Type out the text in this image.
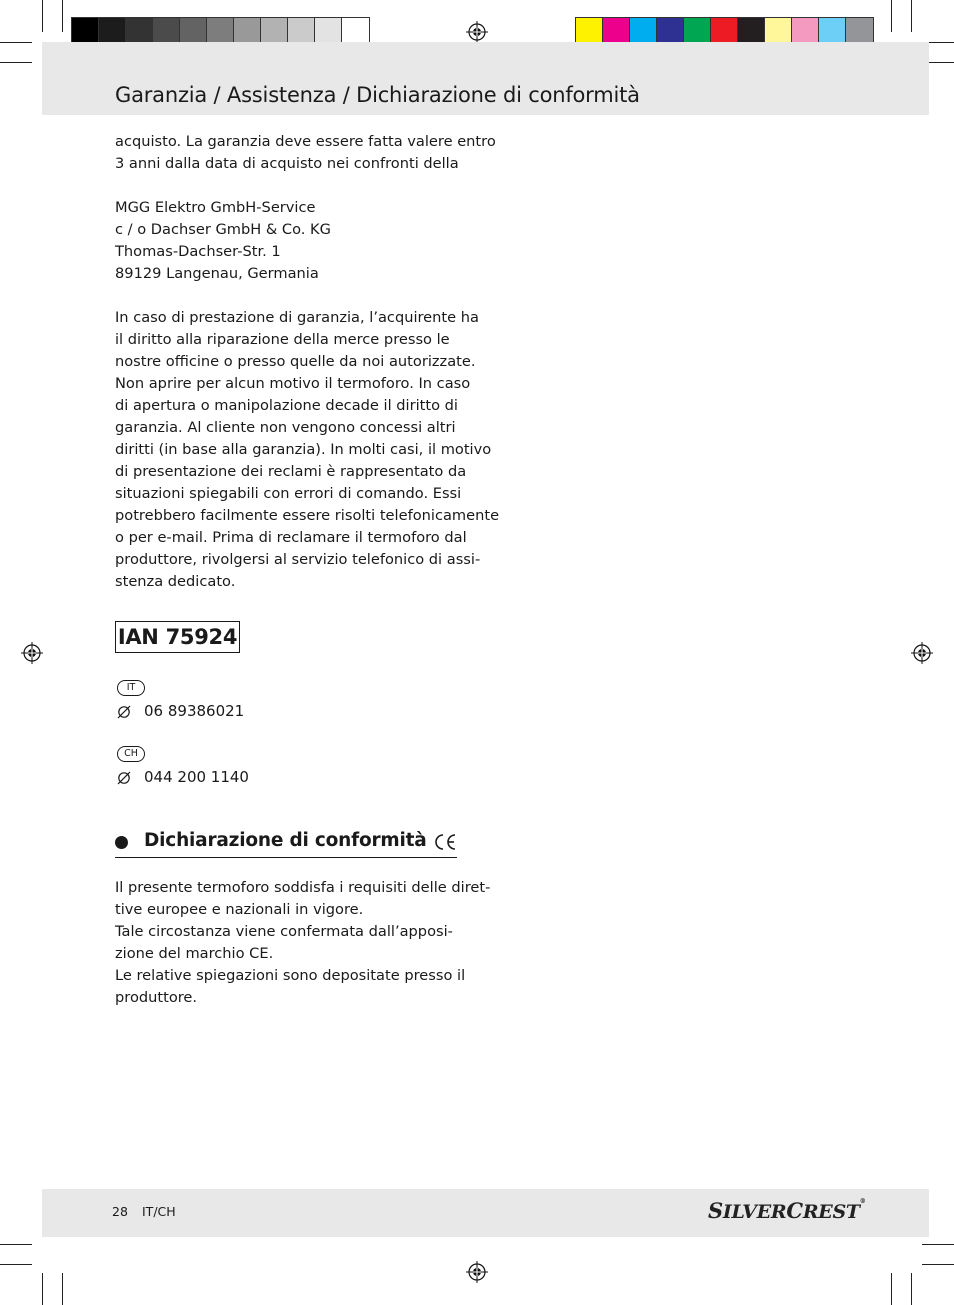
Garanzia / Assistenza / Dichiarazione di conformità

acquisto. La garanzia deve essere fatta valere entro

3 anni dalla data di acquisto nei confronti della

MGG Elektro GmbH-Service

c / o Dachser GmbH & Co. KG

Thomas-Dachser-Str. 1

89129 Langenau, Germania

In caso di prestazione di garanzia, l’acquirente ha

il diritto alla riparazione della merce presso le

nostre officine o presso quelle da noi autorizzate.

Non aprire per alcun motivo il termoforo. In caso

di apertura o manipolazione decade il diritto di

garanzia. Al cliente non vengono concessi altri

diritti (in base alla garanzia). In molti casi, il motivo

di presentazione dei reclami è rappresentato da

situazioni spiegabili con errori di comando. Essi

potrebbero facilmente essere risolti telefonicamente

o per e-mail. Prima di reclamare il termoforo dal

produttore, rivolgersi al servizio telefonico di assi-

stenza dedicato.

IAN 75924
IT
06 89386021
CH
044 200 1140
Dichiarazione di conformità

Il presente termoforo soddisfa i requisiti delle diret-

tive europee e nazionali in vigore.

Tale circostanza viene confermata dall’apposi-

zione del marchio CE.

Le relative spiegazioni sono depositate presso il

produttore.

28 IT/CH	SILVERCREST®
